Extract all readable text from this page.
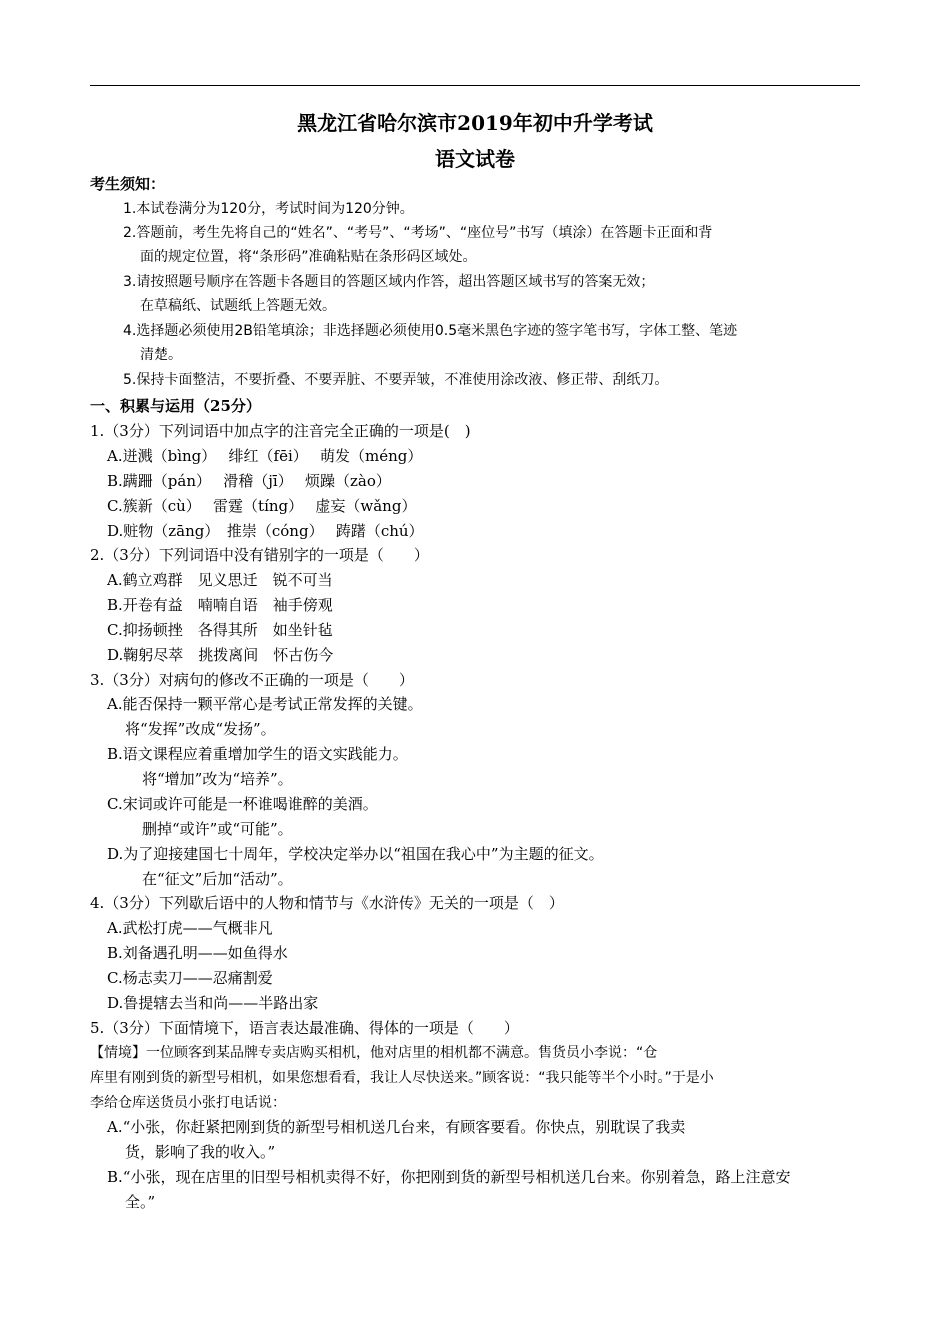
黑龙江省哈尔滨市2019年初中升学考试
语文试卷
考生须知：
1.本试卷满分为120分，考试时间为120分钟。
2.答题前，考生先将自己的“姓名”、“考号”、“考场”、“座位号”书写（填涂）在答题卡正面和背
面的规定位置，将“条形码”准确粘贴在条形码区域处。
3.请按照题号顺序在答题卡各题目的答题区域内作答，超出答题区域书写的答案无效；
在草稿纸、试题纸上答题无效。
4.选择题必须使用2B铅笔填涂；非选择题必须使用0.5毫米黑色字迹的签字笔书写，字体工整、笔迹
清楚。
5.保持卡面整洁，不要折叠、不要弄脏、不要弄皱，不准使用涂改液、修正带、刮纸刀。
一、积累与运用（25分）
1.（3分）下列词语中加点字的注音完全正确的一项是(　)
A.迸溅（bìng）　 绯红（fēi）　 萌发（méng）
B.蹒跚（pán）　 滑稽（jī）　 烦躁（zào）
C.簇新（cù）　 雷霆（tíng）　 虚妄（wǎng）
D.赃物（zāng）　推崇（cóng）　 踌躇（chú）
2.（3分）下列词语中没有错别字的一项是（　　）
A.鹤立鸡群　见义思迁　锐不可当
B.开卷有益　喃喃自语　袖手傍观
C.抑扬顿挫　各得其所　如坐针毡
D.鞠躬尽萃　挑拨离间　怀古伤今
3.（3分）对病句的修改不正确的一项是（　　）
A.能否保持一颗平常心是考试正常发挥的关键。
将“发挥”改成“发扬”。
B.语文课程应着重增加学生的语文实践能力。
将“增加”改为“培养”。
C.宋词或许可能是一杯谁喝谁醉的美酒。
删掉“或许”或“可能”。
D.为了迎接建国七十周年，学校决定举办以“祖国在我心中”为主题的征文。
在“征文”后加“活动”。
4.（3分）下列歇后语中的人物和情节与《水浒传》无关的一项是（　）
A.武松打虎——气概非凡
B.刘备遇孔明——如鱼得水
C.杨志卖刀——忍痛割爱
D.鲁提辖去当和尚——半路出家
5.（3分）下面情境下，语言表达最准确、得体的一项是（　　）
【情境】一位顾客到某品牌专卖店购买相机，他对店里的相机都不满意。售货员小李说：“仓
库里有刚到货的新型号相机，如果您想看看，我让人尽快送来。”顾客说：“我只能等半个小时。”于是小
李给仓库送货员小张打电话说：
A.“小张，你赶紧把刚到货的新型号相机送几台来，有顾客要看。你快点，别耽误了我卖
货，影响了我的收入。”
B.“小张，现在店里的旧型号相机卖得不好，你把刚到货的新型号相机送几台来。你别着急，路上注意安
全。”
